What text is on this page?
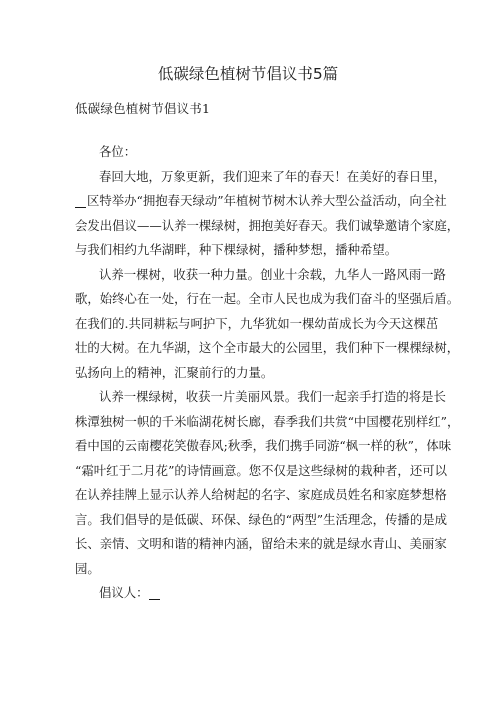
低碳绿色植树节倡议书5篇
低碳绿色植树节倡议书1
各位：
春回大地，万象更新，我们迎来了年的春天！在美好的春日里，
区特举办“拥抱春天绿动”年植树节树木认养大型公益活动，向全社
会发出倡议——认养一棵绿树，拥抱美好春天。我们诚挚邀请个家庭，
与我们相约九华湖畔，种下棵绿树，播种梦想，播种希望。
认养一棵树，收获一种力量。创业十余载，九华人一路风雨一路
歌，始终心在一处，行在一起。全市人民也成为我们奋斗的坚强后盾。
在我们的.共同耕耘与呵护下，九华犹如一棵幼苗成长为今天这棵茁
壮的大树。在九华湖，这个全市最大的公园里，我们种下一棵棵绿树，
弘扬向上的精神，汇聚前行的力量。
认养一棵绿树，收获一片美丽风景。我们一起亲手打造的将是长
株潭独树一帜的千米临湖花树长廊，春季我们共赏“中国樱花别样红”，
看中国的云南樱花笑傲春风;秋季，我们携手同游“枫一样的秋”，体味
“霜叶红于二月花”的诗情画意。您不仅是这些绿树的栽种者，还可以
在认养挂牌上显示认养人给树起的名字、家庭成员姓名和家庭梦想格
言。我们倡导的是低碳、环保、绿色的“两型”生活理念，传播的是成
长、亲情、文明和谐的精神内涵，留给未来的就是绿水青山、美丽家
园。
倡议人：
